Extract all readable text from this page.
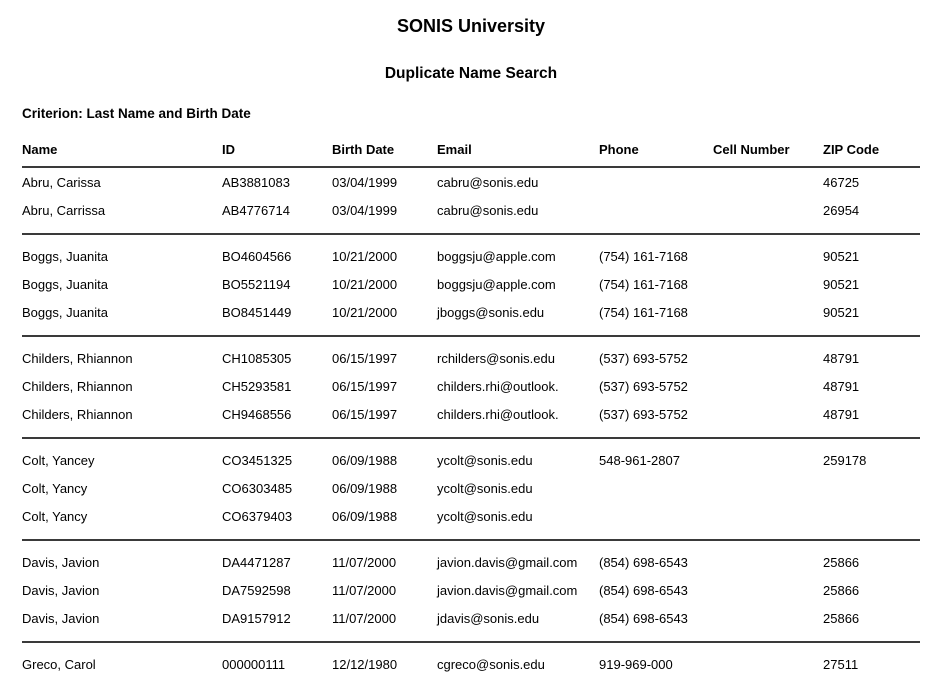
SONIS University
Duplicate Name Search
Criterion: Last Name and Birth Date
Name	ID	Birth Date	Email	Phone	Cell Number	ZIP Code
Abru, Carissa	AB3881083	03/04/1999	cabru@sonis.edu			46725
Abru, Carrissa	AB4776714	03/04/1999	cabru@sonis.edu			26954

Boggs, Juanita	BO4604566	10/21/2000	boggsju@apple.com	(754) 161-7168		90521
Boggs, Juanita	BO5521194	10/21/2000	boggsju@apple.com	(754) 161-7168		90521
Boggs, Juanita	BO8451449	10/21/2000	jboggs@sonis.edu	(754) 161-7168		90521

Childers, Rhiannon	CH1085305	06/15/1997	rchilders@sonis.edu	(537) 693-5752		48791
Childers, Rhiannon	CH5293581	06/15/1997	childers.rhi@outlook.	(537) 693-5752		48791
Childers, Rhiannon	CH9468556	06/15/1997	childers.rhi@outlook.	(537) 693-5752		48791

Colt, Yancey	CO3451325	06/09/1988	ycolt@sonis.edu	548-961-2807		259178
Colt, Yancy	CO6303485	06/09/1988	ycolt@sonis.edu			
Colt, Yancy	CO6379403	06/09/1988	ycolt@sonis.edu			

Davis, Javion	DA4471287	11/07/2000	javion.davis@gmail.com	(854) 698-6543		25866
Davis, Javion	DA7592598	11/07/2000	javion.davis@gmail.com	(854) 698-6543		25866
Davis, Javion	DA9157912	11/07/2000	jdavis@sonis.edu	(854) 698-6543		25866

Greco, Carol	000000111	12/12/1980	cgreco@sonis.edu	919-969-000		27511
